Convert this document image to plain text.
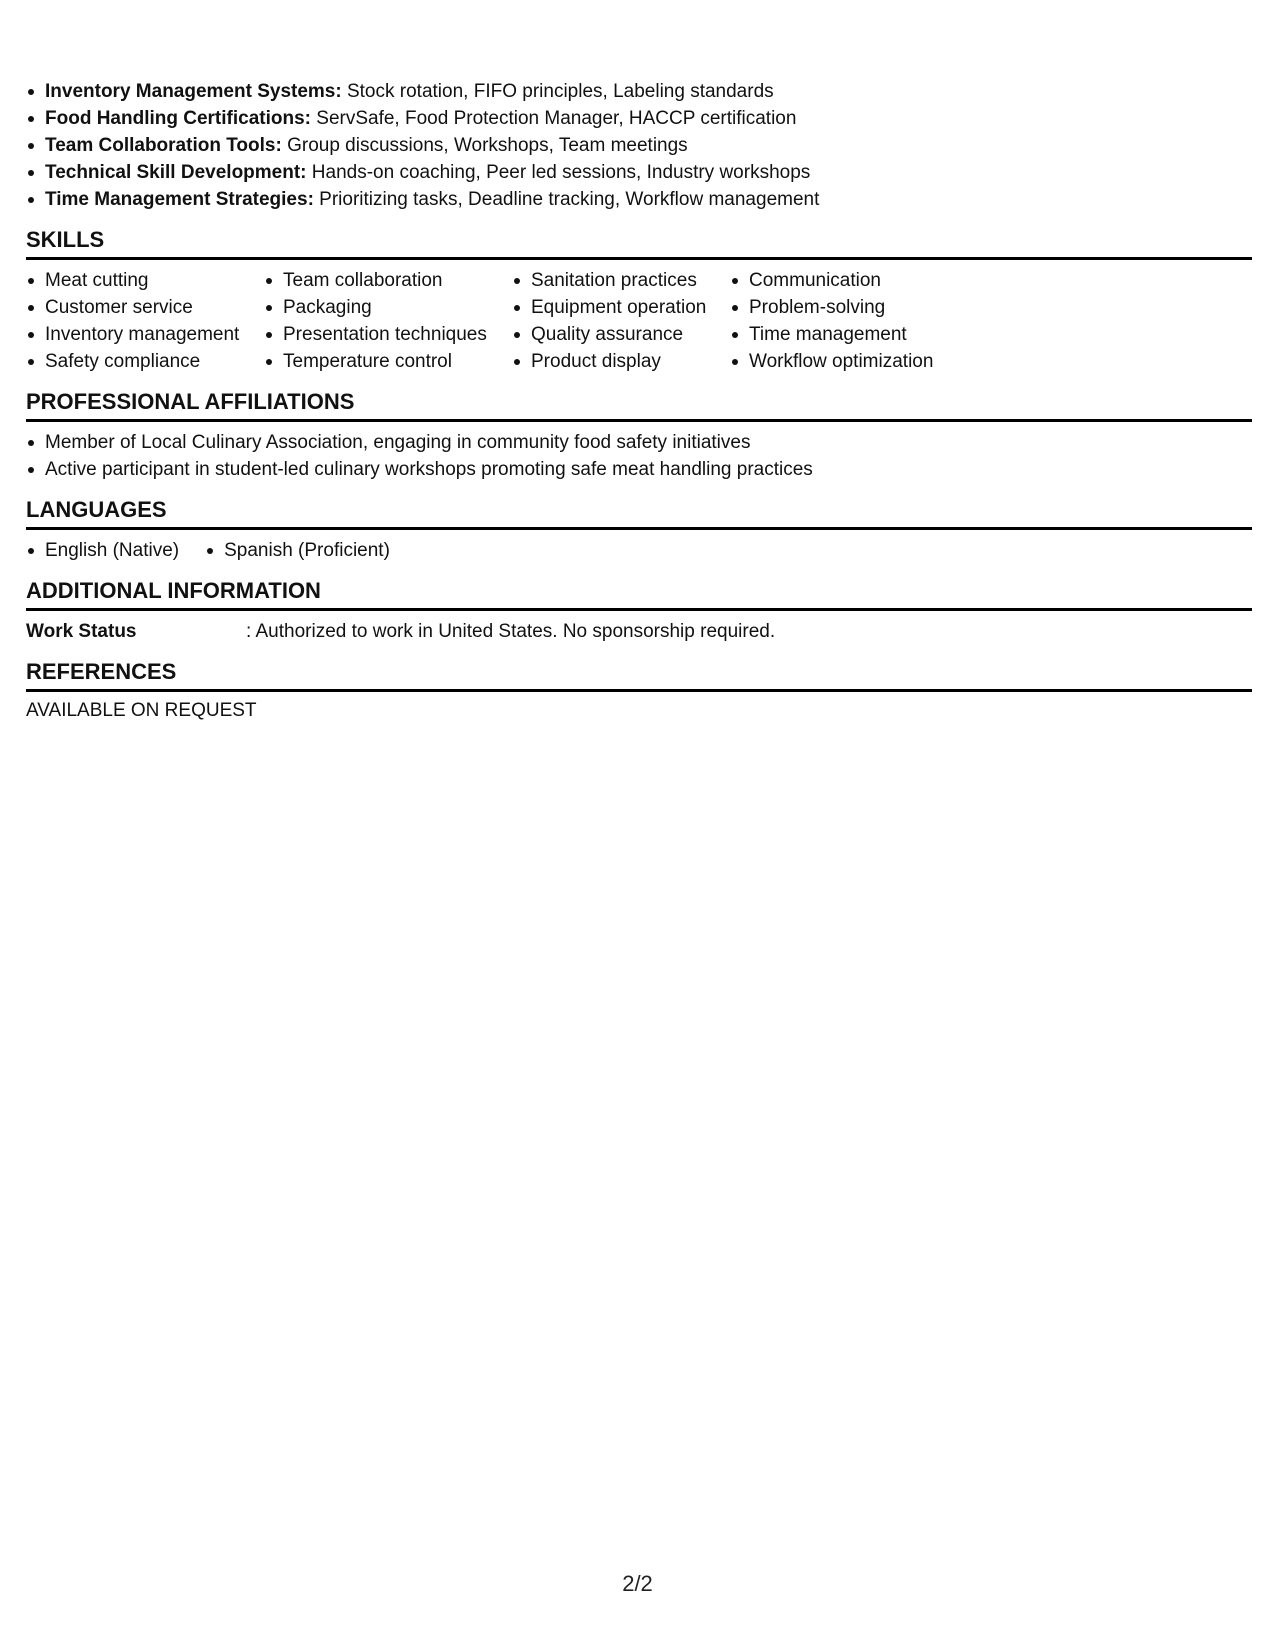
Inventory Management Systems: Stock rotation, FIFO principles, Labeling standards
Food Handling Certifications: ServSafe, Food Protection Manager, HACCP certification
Team Collaboration Tools: Group discussions, Workshops, Team meetings
Technical Skill Development: Hands-on coaching, Peer led sessions, Industry workshops
Time Management Strategies: Prioritizing tasks, Deadline tracking, Workflow management
SKILLS
Meat cutting
Customer service
Inventory management
Safety compliance
Team collaboration
Packaging
Presentation techniques
Temperature control
Sanitation practices
Equipment operation
Quality assurance
Product display
Communication
Problem-solving
Time management
Workflow optimization
PROFESSIONAL AFFILIATIONS
Member of Local Culinary Association, engaging in community food safety initiatives
Active participant in student-led culinary workshops promoting safe meat handling practices
LANGUAGES
English (Native)	Spanish (Proficient)
ADDITIONAL INFORMATION
Work Status	: Authorized to work in United States. No sponsorship required.
REFERENCES
AVAILABLE ON REQUEST
2/2
